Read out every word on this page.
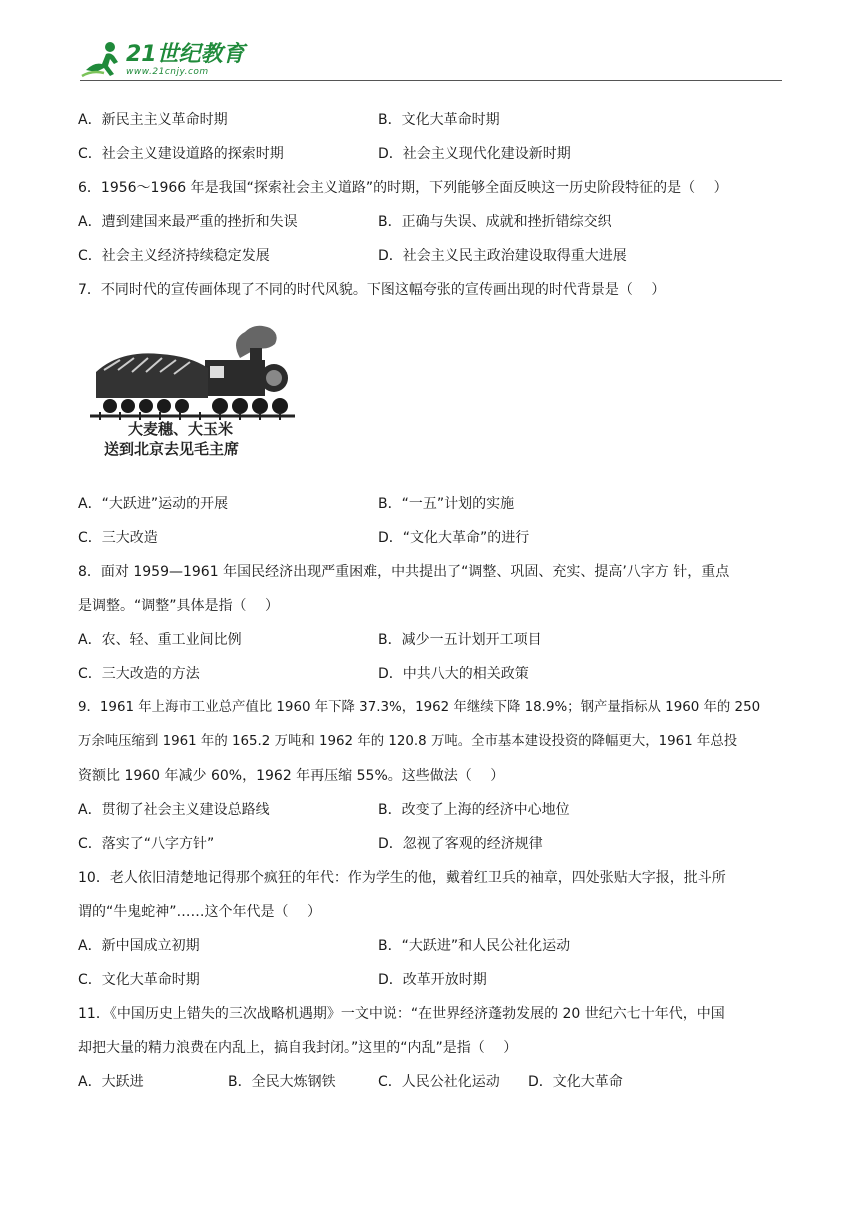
21世纪教育
www.21cnjy.com
A．新民主主义革命时期	B．文化大革命时期
C．社会主义建设道路的探索时期	D．社会主义现代化建设新时期
6．1956～1966 年是我国“探索社会主义道路”的时期，下列能够全面反映这一历史阶段特征的是（　 ）
A．遭到建国来最严重的挫折和失误	B．正确与失误、成就和挫折错综交织
C．社会主义经济持续稳定发展	D．社会主义民主政治建设取得重大进展
7．不同时代的宣传画体现了不同的时代风貌。下图这幅夸张的宣传画出现的时代背景是（　 ）
大麦穗、大玉米
送到北京去见毛主席
A．“大跃进”运动的开展	B．“一五”计划的实施
C．三大改造	D．“文化大革命”的进行
8．面对 1959—1961 年国民经济出现严重困难，中共提出了“调整、巩固、充实、提高’八字方 针，重点
是调整。“调整”具体是指（　 ）
A．农、轻、重工业间比例	B．减少一五计划开工项目
C．三大改造的方法	D．中共八大的相关政策
9．1961 年上海市工业总产值比 1960 年下降 37.3%，1962 年继续下降 18.9%；钢产量指标从 1960 年的 250
万余吨压缩到 1961 年的 165.2 万吨和 1962 年的 120.8 万吨。全市基本建设投资的降幅更大，1961 年总投
资额比 1960 年减少 60%，1962 年再压缩 55%。这些做法（　 ）
A．贯彻了社会主义建设总路线	B．改变了上海的经济中心地位
C．落实了“八字方针”	D．忽视了客观的经济规律
10．老人依旧清楚地记得那个疯狂的年代：作为学生的他，戴着红卫兵的袖章，四处张贴大字报，批斗所
谓的“牛鬼蛇神”……这个年代是（　 ）
A．新中国成立初期	B．“大跃进”和人民公社化运动
C．文化大革命时期	D．改革开放时期
11．《中国历史上错失的三次战略机遇期》一文中说：“在世界经济蓬勃发展的 20 世纪六七十年代，中国
却把大量的精力浪费在内乱上，搞自我封闭。”这里的“内乱”是指（　 ）
A．大跃进	B．全民大炼钢铁	C．人民公社化运动 D．文化大革命
